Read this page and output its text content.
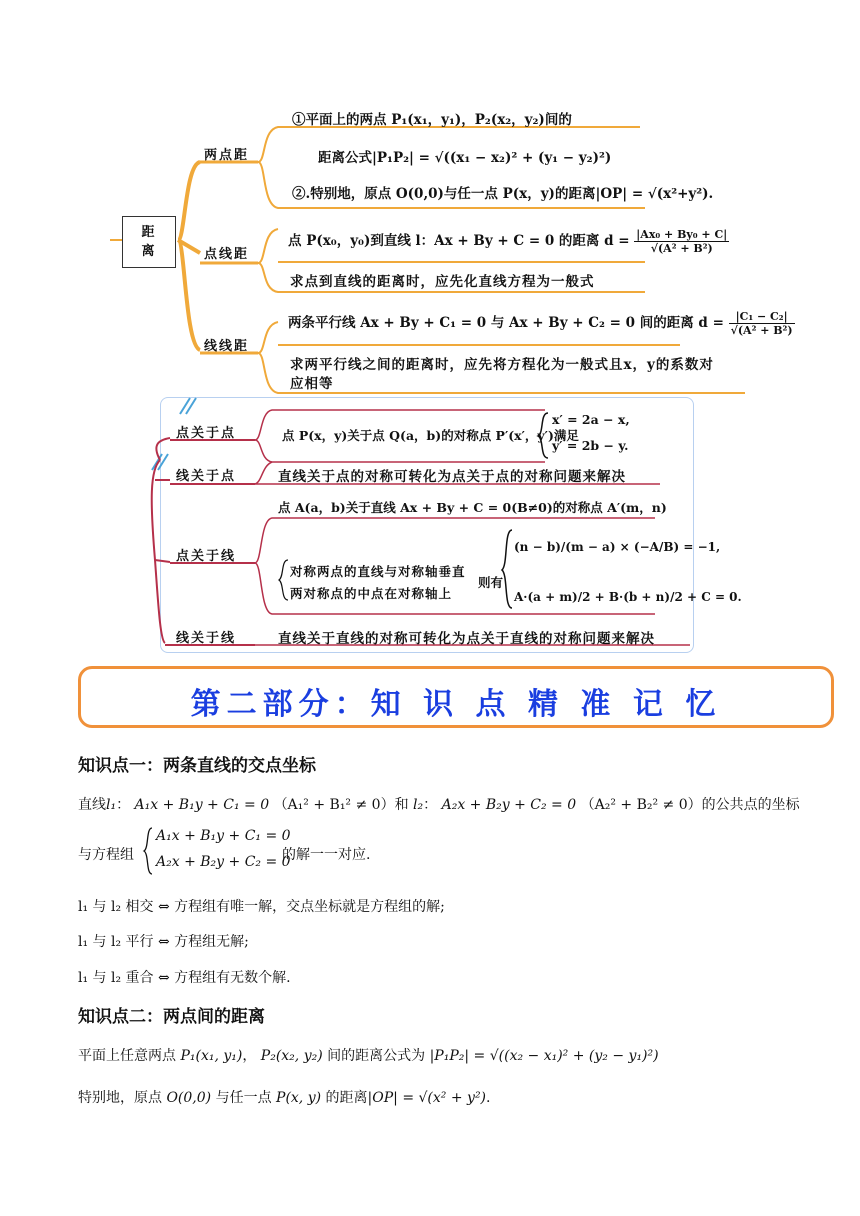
距离
两点距
点线距
线线距
①平面上的两点 P₁(x₁，y₁)，P₂(x₂，y₂)间的
距离公式|P₁P₂| = √((x₁ − x₂)² + (y₁ − y₂)²)
②.特别地，原点 O(0,0)与任一点 P(x，y)的距离|OP| = √(x²+y²).
点 P(x₀，y₀)到直线 l：Ax + By + C = 0 的距离 $d = \frac{\text{|Ax₀ + By₀ + C|}}{\text{√(A² + B²)}}$
求点到直线的距离时，应先化直线方程为一般式
两条平行线 Ax + By + C₁ = 0 与 Ax + By + C₂ = 0 间的距离 $d = \frac{\text{|C₁ − C₂|}}{\text{√(A² + B²)}}$
求两平行线之间的距离时，应先将方程化为一般式且x，y的系数对
应相等
点关于点
线关于点
点关于线
线关于线
点 P(x，y)关于点 Q(a，b)的对称点 P′(x′，y′)满足
x′ = 2a − x,
y′ = 2b − y.
直线关于点的对称可转化为点关于点的对称问题来解决
点 A(a，b)关于直线 Ax + By + C = 0(B≠0)的对称点 A′(m，n)
对称两点的直线与对称轴垂直
两对称点的中点在对称轴上
则有
(n − b)/(m − a) × (−A/B) = −1,
A·(a + m)/2 + B·(b + n)/2 + C = 0.
直线关于直线的对称可转化为点关于直线的对称问题来解决
第二部分：知 识 点 精 准 记 忆
知识点一：两条直线的交点坐标
直线l₁： A₁x + B₁y + C₁ = 0 （A₁² + B₁² ≠ 0）和 l₂： A₂x + B₂y + C₂ = 0 （A₂² + B₂² ≠ 0）的公共点的坐标
与方程组
A₁x + B₁y + C₁ = 0
A₂x + B₂y + C₂ = 0
的解一一对应.
l₁ 与 l₂ 相交 ⇔ 方程组有唯一解，交点坐标就是方程组的解;
l₁ 与 l₂ 平行 ⇔ 方程组无解;
l₁ 与 l₂ 重合 ⇔ 方程组有无数个解.
知识点二：两点间的距离
平面上任意两点 P₁(x₁, y₁)， P₂(x₂, y₂) 间的距离公式为 |P₁P₂| = √((x₂ − x₁)² + (y₂ − y₁)²)
特别地，原点 O(0,0) 与任一点 P(x, y) 的距离|OP| = √(x² + y²).
